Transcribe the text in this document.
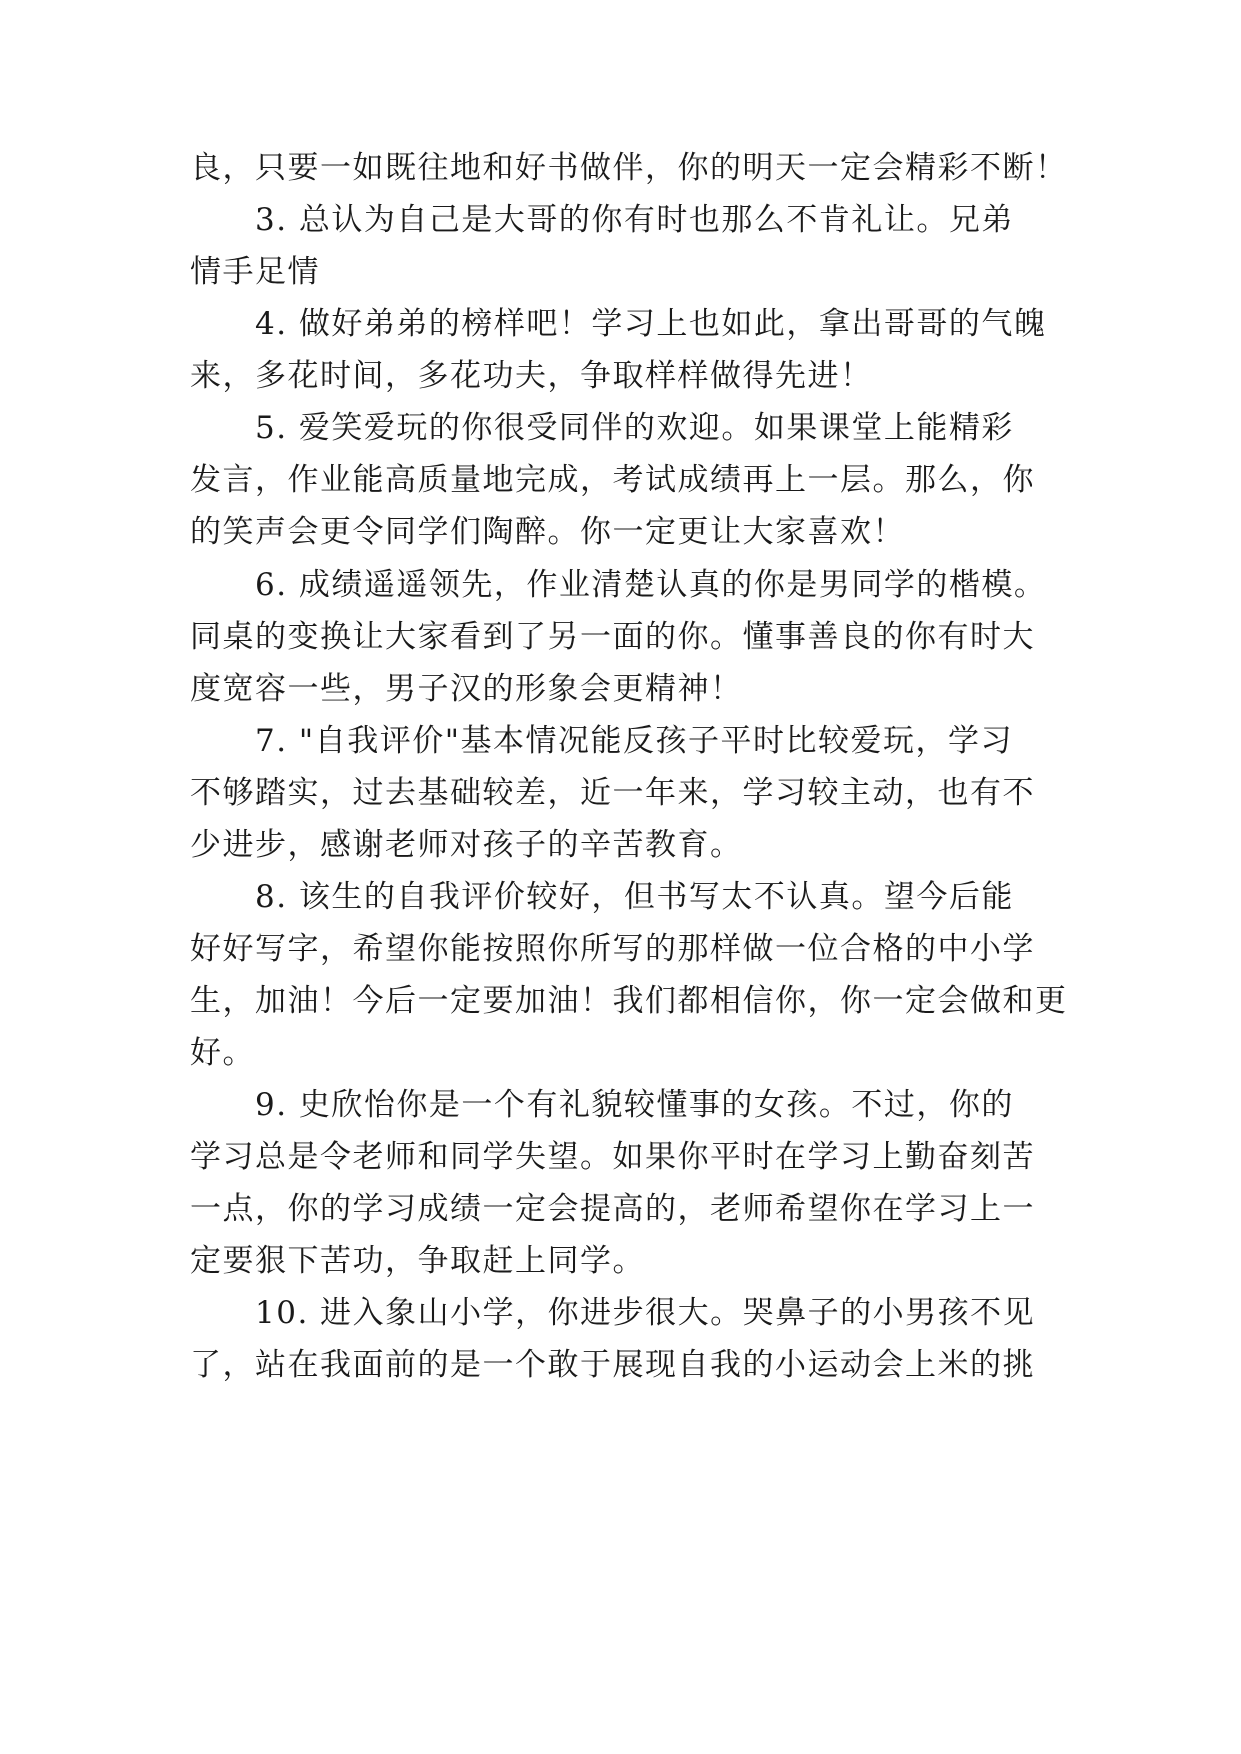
良，只要一如既往地和好书做伴，你的明天一定会精彩不断！
3. 总认为自己是大哥的你有时也那么不肯礼让。兄弟
情手足情
4. 做好弟弟的榜样吧！学习上也如此，拿出哥哥的气魄
来，多花时间，多花功夫，争取样样做得先进！
5. 爱笑爱玩的你很受同伴的欢迎。如果课堂上能精彩
发言，作业能高质量地完成，考试成绩再上一层。那么，你
的笑声会更令同学们陶醉。你一定更让大家喜欢！
6. 成绩遥遥领先，作业清楚认真的你是男同学的楷模。
同桌的变换让大家看到了另一面的你。懂事善良的你有时大
度宽容一些，男子汉的形象会更精神！
7. "自我评价"基本情况能反孩子平时比较爱玩，学习
不够踏实，过去基础较差，近一年来，学习较主动，也有不
少进步，感谢老师对孩子的辛苦教育。
8. 该生的自我评价较好，但书写太不认真。望今后能
好好写字，希望你能按照你所写的那样做一位合格的中小学
生，加油！今后一定要加油！我们都相信你，你一定会做和更
好。
9. 史欣怡你是一个有礼貌较懂事的女孩。不过，你的
学习总是令老师和同学失望。如果你平时在学习上勤奋刻苦
一点，你的学习成绩一定会提高的，老师希望你在学习上一
定要狠下苦功，争取赶上同学。
10. 进入象山小学，你进步很大。哭鼻子的小男孩不见
了，站在我面前的是一个敢于展现自我的小运动会上米的挑
